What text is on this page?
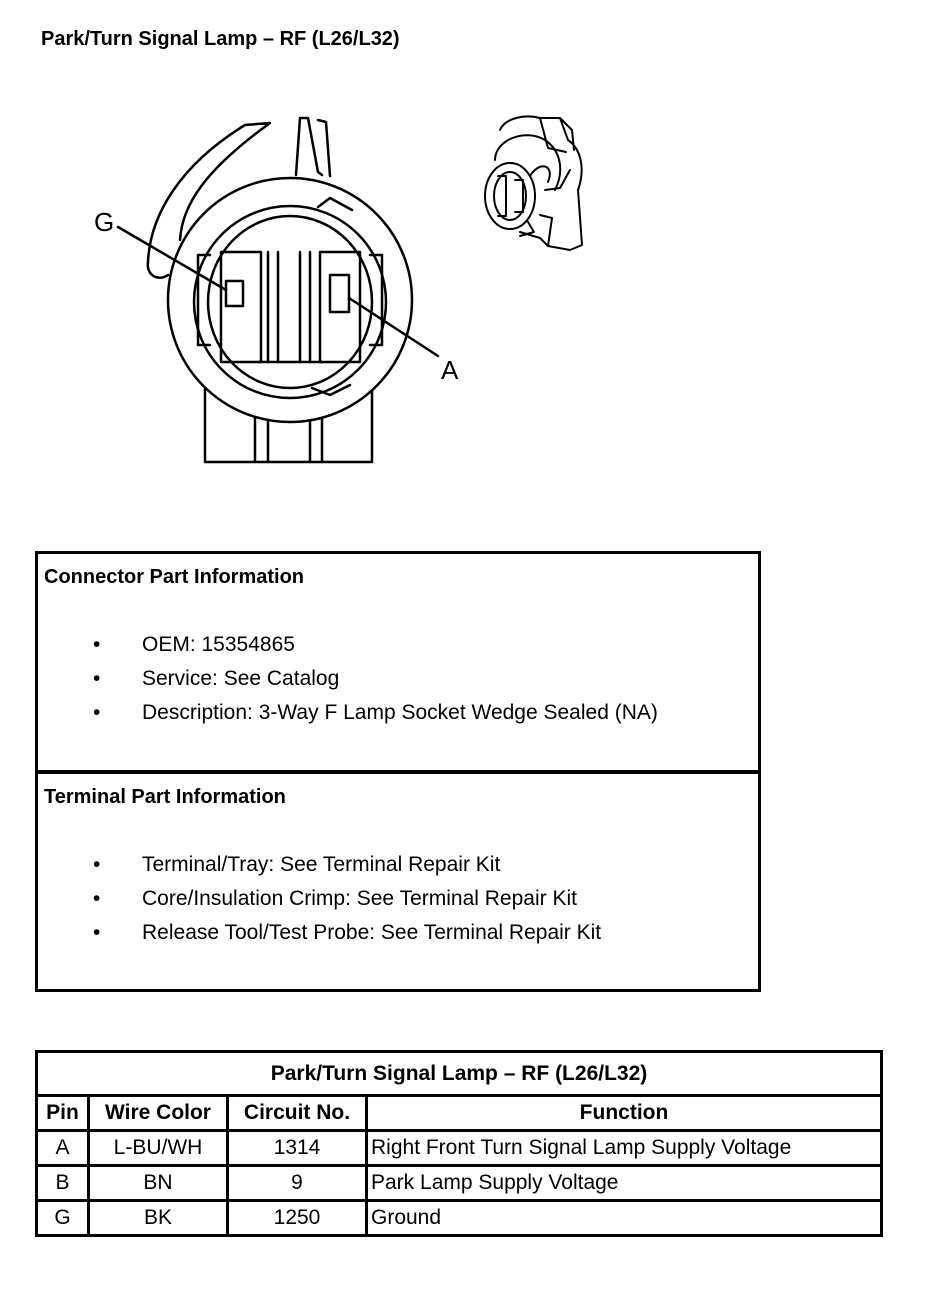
Park/Turn Signal Lamp – RF (L26/L32)
G
A
Connector Part Information
• OEM: 15354865
• Service: See Catalog
• Description: 3-Way F Lamp Socket Wedge Sealed (NA)
Terminal Part Information
• Terminal/Tray: See Terminal Repair Kit
• Core/Insulation Crimp: See Terminal Repair Kit
• Release Tool/Test Probe: See Terminal Repair Kit
Park/Turn Signal Lamp – RF (L26/L32)			
Pin	Wire Color	Circuit No.	Function
A	L-BU/WH	1314	Right Front Turn Signal Lamp Supply Voltage
B	BN	9	Park Lamp Supply Voltage
G	BK	1250	Ground
